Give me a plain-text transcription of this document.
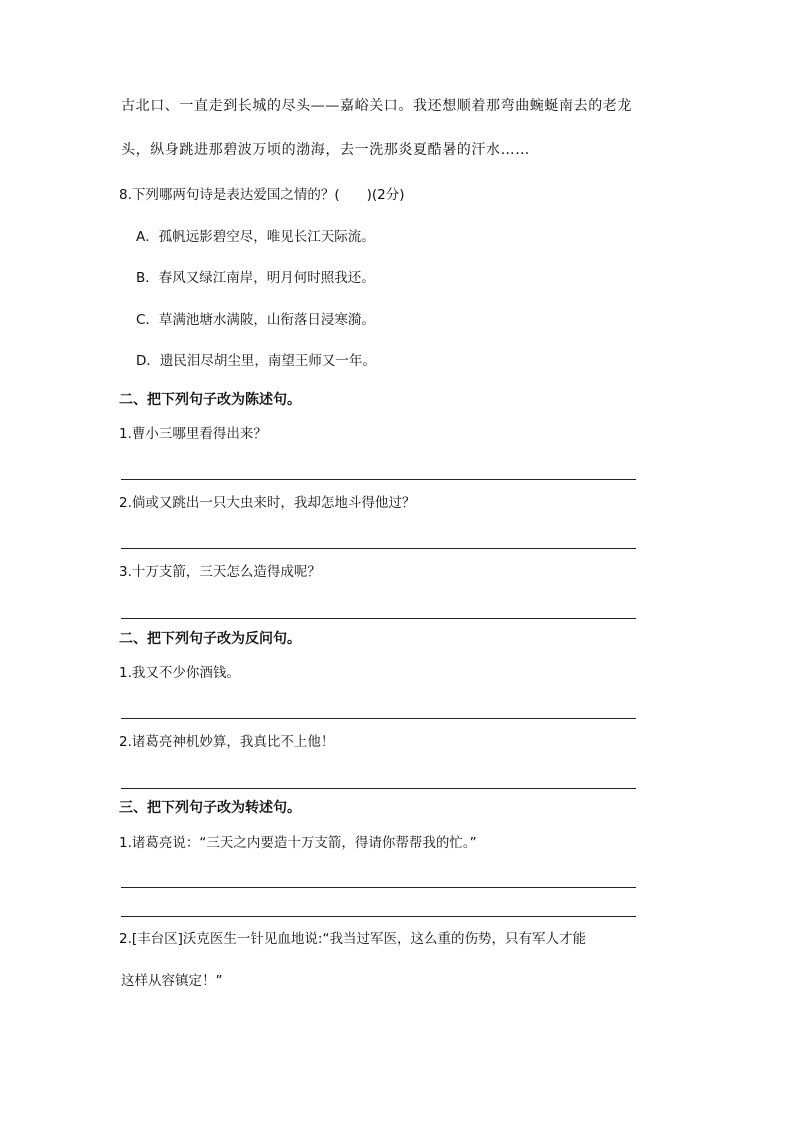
古北口、一直走到长城的尽头——嘉峪关口。我还想顺着那弯曲蜿蜒南去的老龙
头，纵身跳进那碧波万顷的渤海，去一洗那炎夏酷暑的汗水……
8.下列哪两句诗是表达爱国之情的？(　　)(2分)
A．孤帆远影碧空尽，唯见长江天际流。
B．春风又绿江南岸，明月何时照我还。
C．草满池塘水满陂，山衔落日浸寒漪。
D．遗民泪尽胡尘里，南望王师又一年。
二、把下列句子改为陈述句。
1.曹小三哪里看得出来？
2.倘或又跳出一只大虫来时，我却怎地斗得他过？
3.十万支箭，三天怎么造得成呢？
二、把下列句子改为反问句。
1.我又不少你酒钱。
2.诸葛亮神机妙算，我真比不上他！
三、把下列句子改为转述句。
1.诸葛亮说：“三天之内要造十万支箭，得请你帮帮我的忙。”
2.[丰台区]沃克医生一针见血地说:“我当过军医，这么重的伤势，只有军人才能
这样从容镇定！”
